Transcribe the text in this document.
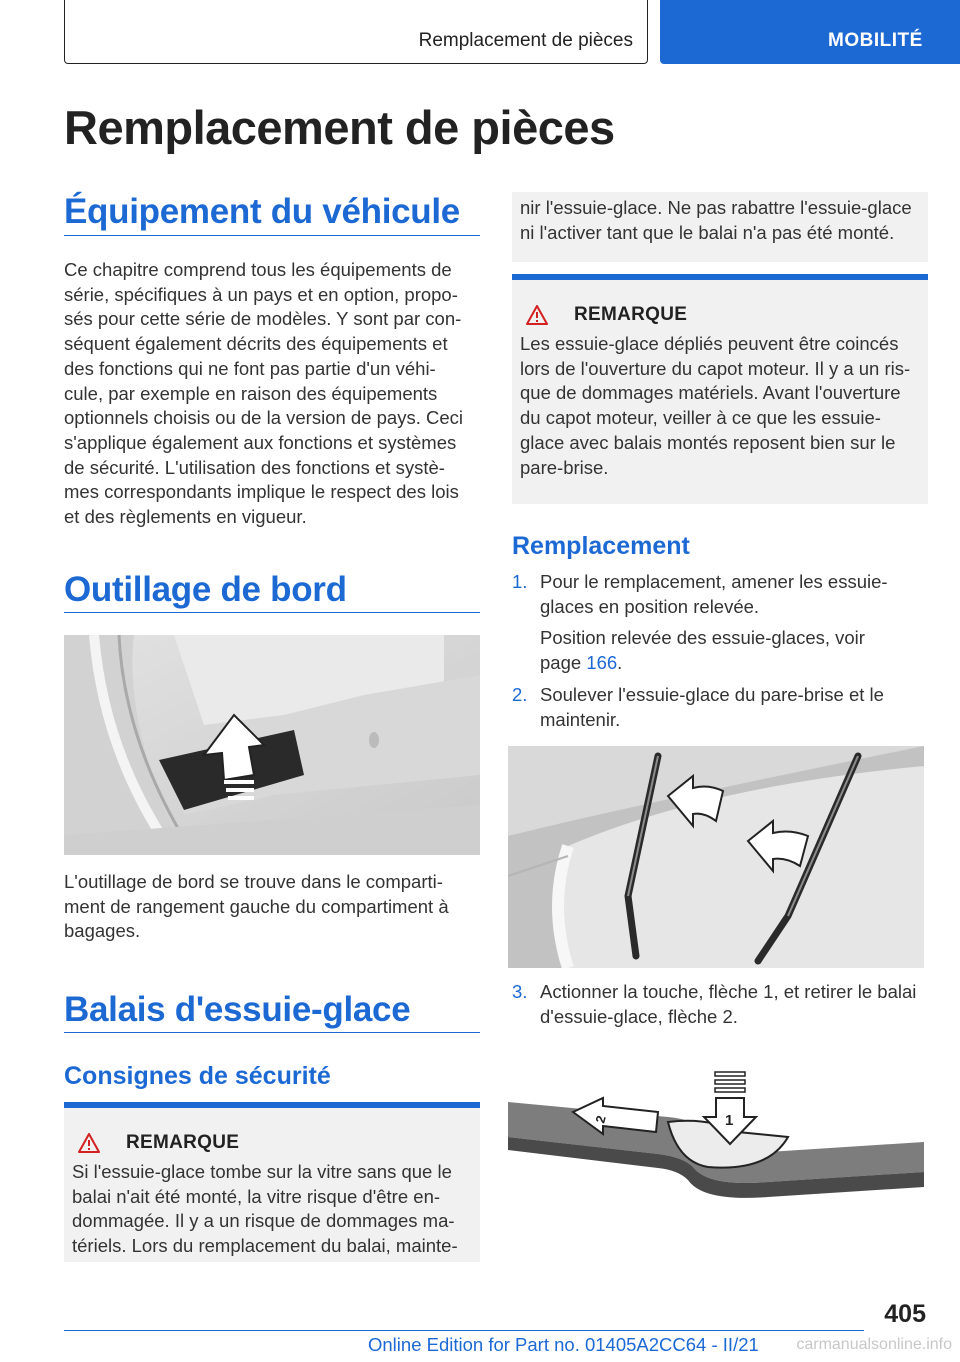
Remplacement de pièces	MOBILITÉ
Remplacement de pièces
Équipement du véhicule
Ce chapitre comprend tous les équipements de
série, spécifiques à un pays et en option, propo-
sés pour cette série de modèles. Y sont par con-
séquent également décrits des équipements et
des fonctions qui ne font pas partie d'un véhi-
cule, par exemple en raison des équipements
optionnels choisis ou de la version de pays. Ceci
s'applique également aux fonctions et systèmes
de sécurité. L'utilisation des fonctions et systè-
mes correspondants implique le respect des lois
et des règlements en vigueur.
Outillage de bord
L'outillage de bord se trouve dans le comparti-
ment de rangement gauche du compartiment à
bagages.
Balais d'essuie-glace
Consignes de sécurité
REMARQUE

Si l'essuie-glace tombe sur la vitre sans que le
balai n'ait été monté, la vitre risque d'être en-
dommagée. Il y a un risque de dommages ma-
tériels. Lors du remplacement du balai, mainte-

nir l'essuie-glace. Ne pas rabattre l'essuie-glace
ni l'activer tant que le balai n'a pas été monté.

REMARQUE

Les essuie-glace dépliés peuvent être coincés
lors de l'ouverture du capot moteur. Il y a un ris-
que de dommages matériels. Avant l'ouverture
du capot moteur, veiller à ce que les essuie-
glace avec balais montés reposent bien sur le
pare-brise.

Remplacement
1. Pour le remplacement, amener les essuie-
glaces en position relevée.
Position relevée des essuie-glaces, voir
page 166.
2. Soulever l'essuie-glace du pare-brise et le
maintenir.
3. Actionner la touche, flèche 1, et retirer le balai
d'essuie-glace, flèche 2.
2	1
405
Online Edition for Part no. 01405A2CC64 - II/21 carmanualsonline.info
